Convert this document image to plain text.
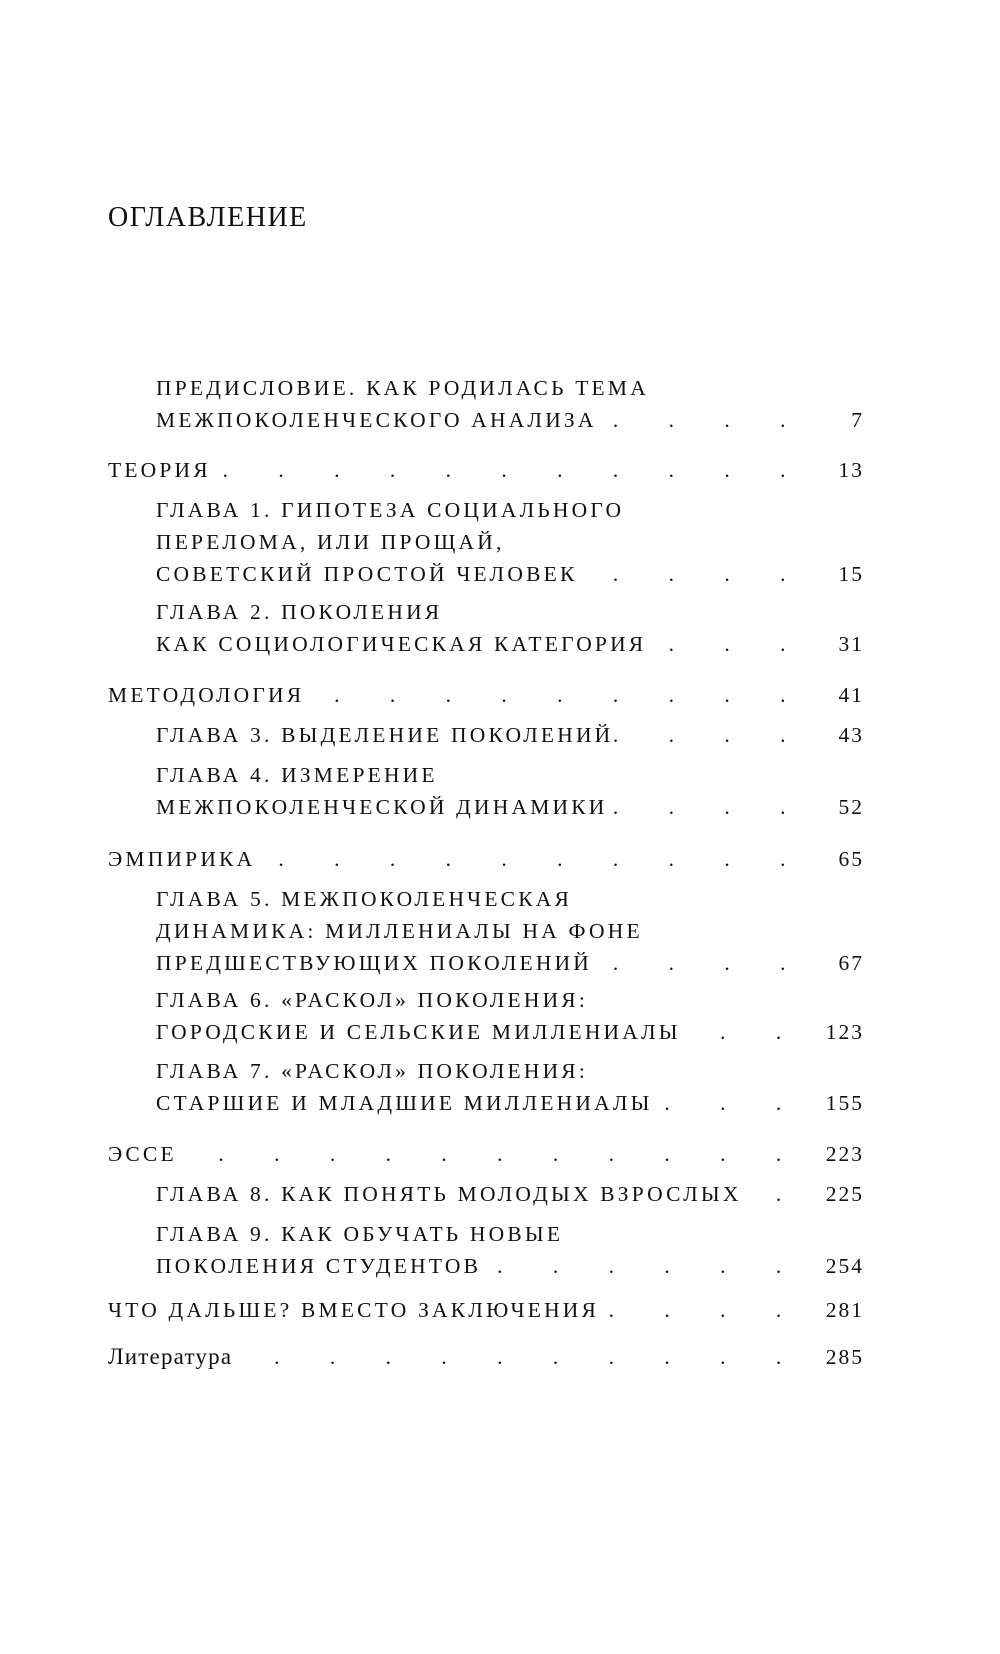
ОГЛАВЛЕНИЕ
ПРЕДИСЛОВИЕ. КАК РОДИЛАСЬ ТЕМА
МЕЖПОКОЛЕНЧЕСКОГО АНАЛИЗА . . .	7
ТЕОРИЯ . . .	13
ГЛАВА 1. ГИПОТЕЗА СОЦИАЛЬНОГО
ПЕРЕЛОМА, ИЛИ ПРОЩАЙ,
СОВЕТСКИЙ ПРОСТОЙ ЧЕЛОВЕК . . .	15
ГЛАВА 2. ПОКОЛЕНИЯ
КАК СОЦИОЛОГИЧЕСКАЯ КАТЕГОРИЯ . . .	31
МЕТОДОЛОГИЯ . . .	41
ГЛАВА 3. ВЫДЕЛЕНИЕ ПОКОЛЕНИЙ . . .	43
ГЛАВА 4. ИЗМЕРЕНИЕ
МЕЖПОКОЛЕНЧЕСКОЙ ДИНАМИКИ . . .	52
ЭМПИРИКА . . .	65
ГЛАВА 5. МЕЖПОКОЛЕНЧЕСКАЯ
ДИНАМИКА: МИЛЛЕНИАЛЫ НА ФОНЕ
ПРЕДШЕСТВУЮЩИХ ПОКОЛЕНИЙ . . .	67
ГЛАВА 6. «РАСКОЛ» ПОКОЛЕНИЯ:
ГОРОДСКИЕ И СЕЛЬСКИЕ МИЛЛЕНИАЛЫ . . .	123
ГЛАВА 7. «РАСКОЛ» ПОКОЛЕНИЯ:
СТАРШИЕ И МЛАДШИЕ МИЛЛЕНИАЛЫ . . .	155
ЭССЕ . . .	223
ГЛАВА 8. КАК ПОНЯТЬ МОЛОДЫХ ВЗРОСЛЫХ . . .	225
ГЛАВА 9. КАК ОБУЧАТЬ НОВЫЕ
ПОКОЛЕНИЯ СТУДЕНТОВ . . .	254
ЧТО ДАЛЬШЕ? ВМЕСТО ЗАКЛЮЧЕНИЯ . . .	281
Литература . . .	285
